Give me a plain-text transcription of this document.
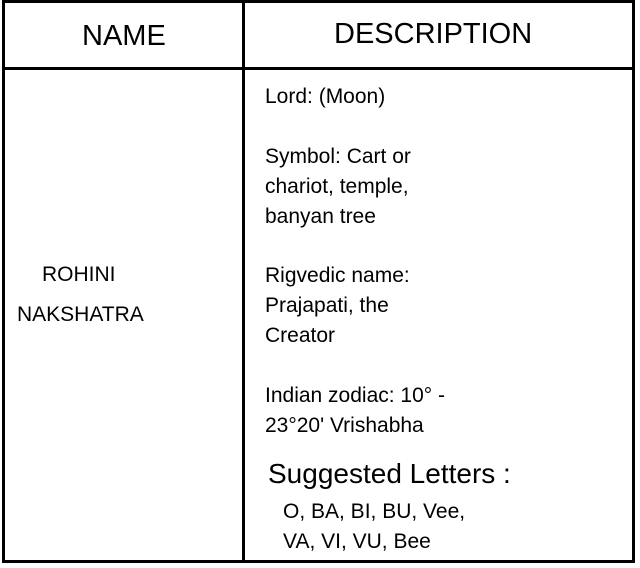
NAME	DESCRIPTION
ROHINI
NAKSHATRA
Lord: (Moon)
Symbol: Cart or
chariot, temple,
banyan tree
Rigvedic name:
Prajapati, the
Creator
Indian zodiac: 10° -
23°20' Vrishabha
Suggested Letters :
O, BA, BI, BU, Vee,
VA, VI, VU, Bee
